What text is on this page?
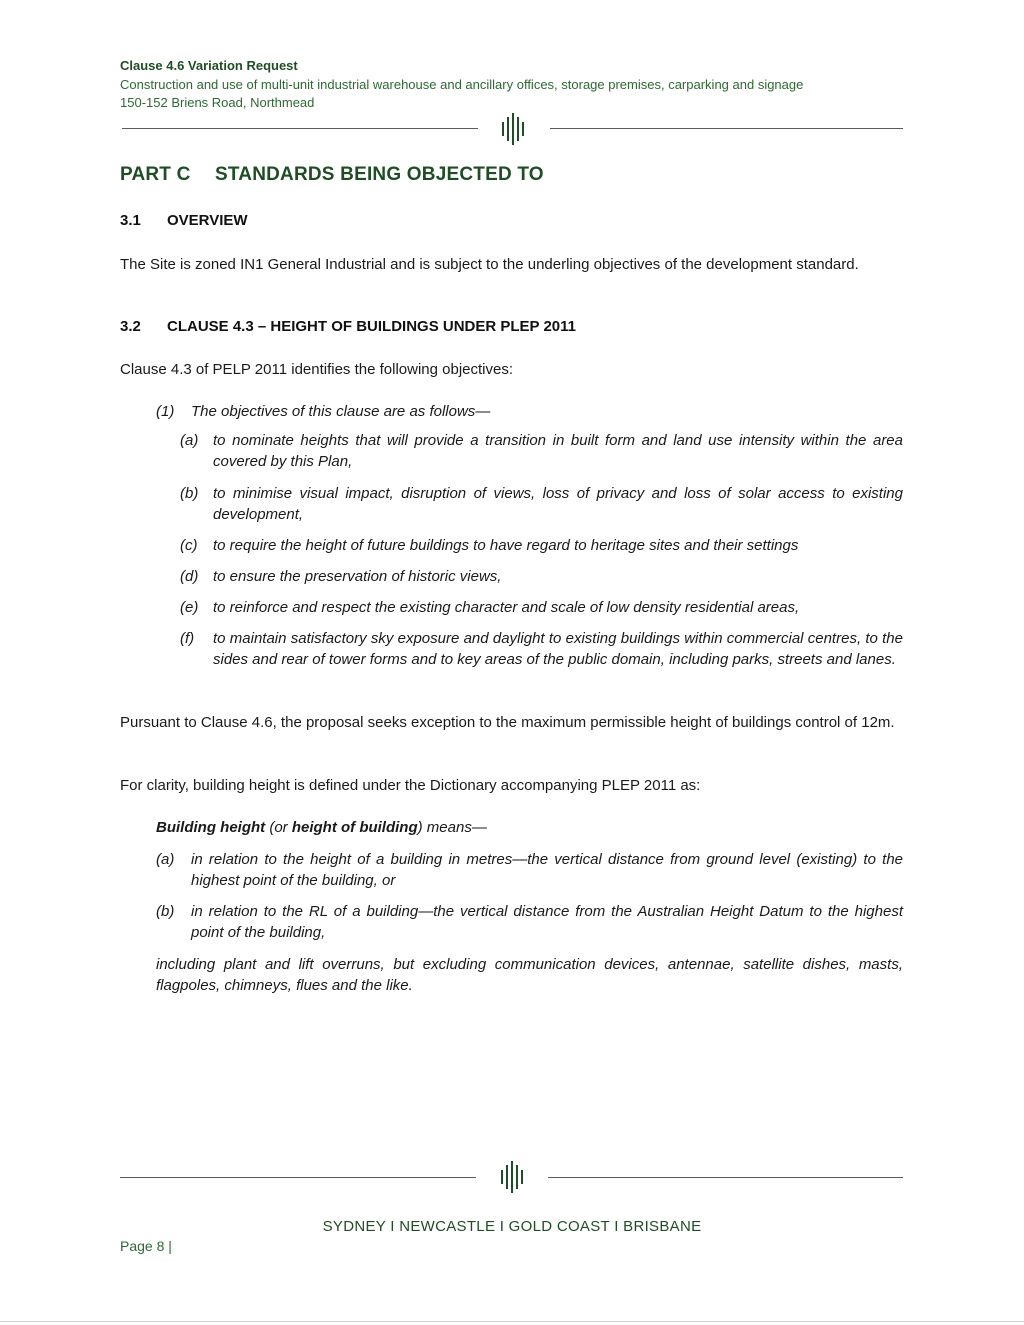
Clause 4.6 Variation Request
Construction and use of multi-unit industrial warehouse and ancillary offices, storage premises, carparking and signage
150-152 Briens Road, Northmead
PART C STANDARDS BEING OBJECTED TO
3.1 OVERVIEW
The Site is zoned IN1 General Industrial and is subject to the underling objectives of the development standard.
3.2 CLAUSE 4.3 – HEIGHT OF BUILDINGS UNDER PLEP 2011
Clause 4.3 of PELP 2011 identifies the following objectives:
(1) The objectives of this clause are as follows—
(a) to nominate heights that will provide a transition in built form and land use intensity within the area covered by this Plan,
(b) to minimise visual impact, disruption of views, loss of privacy and loss of solar access to existing development,
(c) to require the height of future buildings to have regard to heritage sites and their settings
(d) to ensure the preservation of historic views,
(e) to reinforce and respect the existing character and scale of low density residential areas,
(f) to maintain satisfactory sky exposure and daylight to existing buildings within commercial centres, to the sides and rear of tower forms and to key areas of the public domain, including parks, streets and lanes.
Pursuant to Clause 4.6, the proposal seeks exception to the maximum permissible height of buildings control of 12m.
For clarity, building height is defined under the Dictionary accompanying PLEP 2011 as:
Building height (or height of building) means—
(a) in relation to the height of a building in metres—the vertical distance from ground level (existing) to the highest point of the building, or
(b) in relation to the RL of a building—the vertical distance from the Australian Height Datum to the highest point of the building,
including plant and lift overruns, but excluding communication devices, antennae, satellite dishes, masts, flagpoles, chimneys, flues and the like.
SYDNEY I NEWCASTLE I GOLD COAST I BRISBANE
Page 8 |
